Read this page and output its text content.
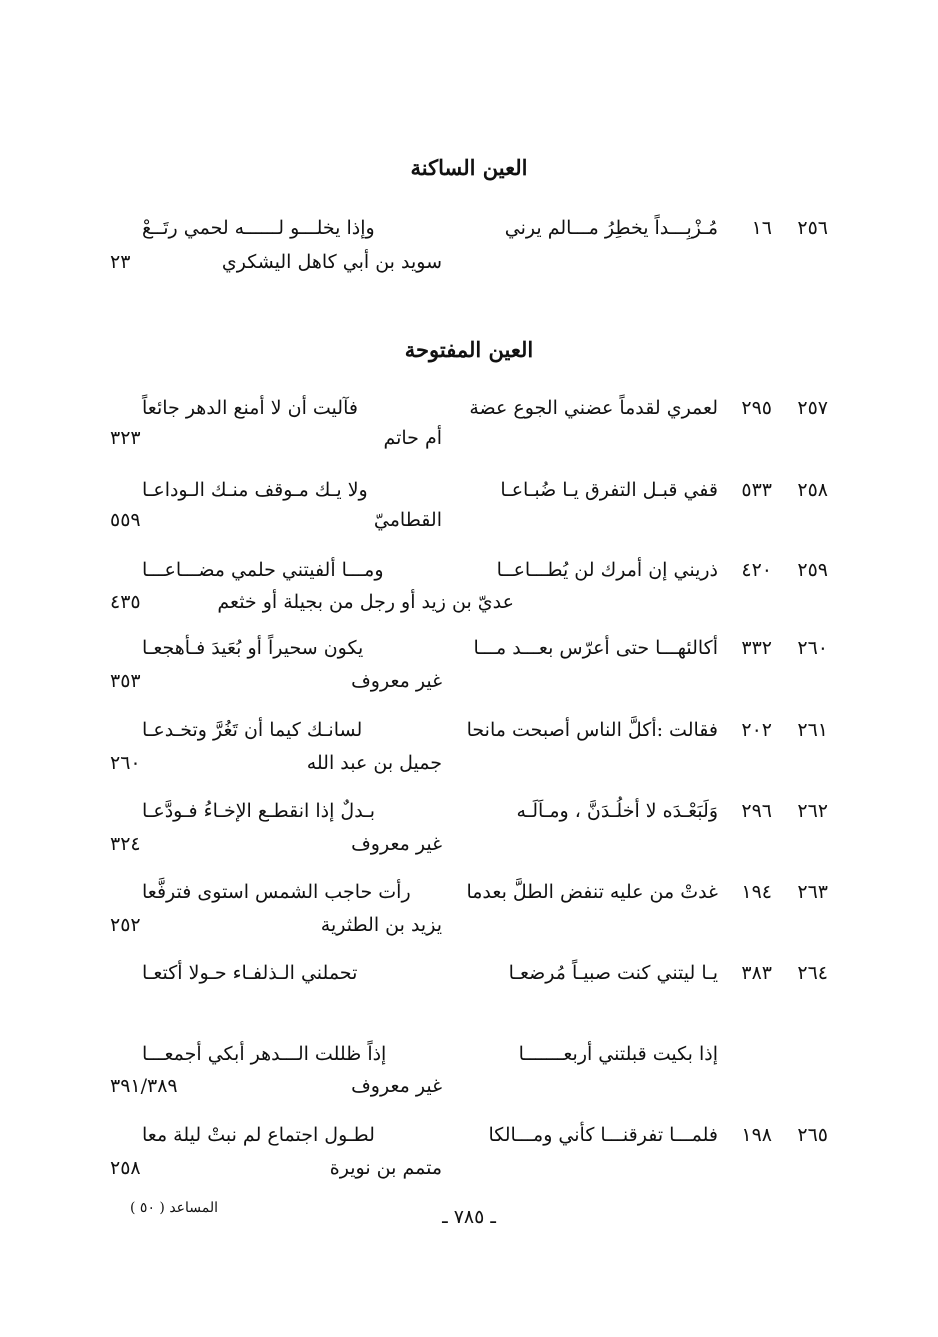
العين الساكنة
٢٥٦
١٦
مُـزْبِـــداً يخطِرُ مـــالم يرني
وإذا يخلـــو لــــــه لحمي رتَــعْ
سويد بن أبي كاهل اليشكري
٢٣
العين المفتوحة
٢٥٧
٢٩٥
لعمري لقدماً عضني الجوع عضة
فآليت أن لا أمنع الدهر جائعاً
أم حاتم
٣٢٣
٢٥٨
٥٣٣
قفي قبـل التفرق يـا ضُبـاعـا
ولا يـك مـوقف منـك الـوداعـا
القطاميّ
٥٥٩
٢٥٩
٤٢٠
ذريني إن أمرك لن يُطـــاعــا
ومـــا ألفيتني حلمي مضـــاعـــا
عديّ بن زيد أو رجل من بجيلة أو خثعم
٤٣٥
٢٦٠
٣٣٢
أكالئهـــا حتى أعرّس بعـــد مـــا
يكون سحيراً أو بُعَيدَ فـأهجعـا
غير معروف
٣٥٣
٢٦١
٢٠٢
فقالت :أكلَّ الناس أصبحت مانحا
لسانـك كيما أن تَغُرَّ وتخـدعـا
جميل بن عبد الله
٢٦٠
٢٦٢
٢٩٦
وَلَبَعْـدَه لا أخلُـدَنَّ ، ومـاَلَـه
بـدلٌ إذا انقطـع الإخـاءُ فـودَّعـا
غير معروف
٣٢٤
٢٦٣
١٩٤
غدتْ من عليه تنفض الطلَّ بعدما
رأت حاجب الشمس استوى فترفَّعا
يزيد بن الطثرية
٢٥٢
٢٦٤
٣٨٣
يـا ليتني كنت صبيـاً مُرضعـا
تحملني الـذلفـاء حـولا أكتعـا
إذا بكيت قبلتني أربعـــــــا
إذاً ظللت الـــدهر أبكي أجمعـــا
غير معروف
٣٩١/٣٨٩
٢٦٥
١٩٨
فلمـــا تفرقنـــا كأني ومـــالكا
لطـول اجتماع لم نبتْ ليلة معا
متمم بن نويرة
٢٥٨
المساعد ( ٥٠ )	ـ ٧٨٥ ـ
